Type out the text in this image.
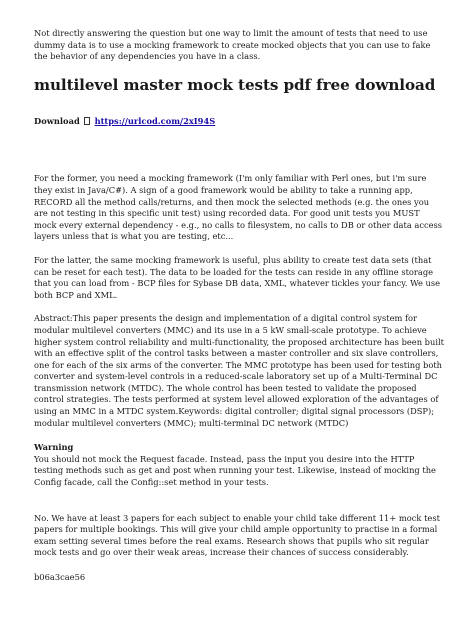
Not directly answering the question but one way to limit the amount of tests that need to use dummy data is to use a mocking framework to create mocked objects that you can use to fake the behavior of any dependencies you have in a class.

multilevel master mock tests pdf free download

Download https://urlcod.com/2xI94S

For the former, you need a mocking framework (I'm only familiar with Perl ones, but i'm sure they exist in Java/C#). A sign of a good framework would be ability to take a running app, RECORD all the method calls/returns, and then mock the selected methods (e.g. the ones you are not testing in this specific unit test) using recorded data. For good unit tests you MUST mock every external dependency - e.g., no calls to filesystem, no calls to DB or other data access layers unless that is what you are testing, etc...

For the latter, the same mocking framework is useful, plus ability to create test data sets (that can be reset for each test). The data to be loaded for the tests can reside in any offline storage that you can load from - BCP files for Sybase DB data, XML, whatever tickles your fancy. We use both BCP and XML.

Abstract:This paper presents the design and implementation of a digital control system for modular multilevel converters (MMC) and its use in a 5 kW small-scale prototype. To achieve higher system control reliability and multi-functionality, the proposed architecture has been built with an effective split of the control tasks between a master controller and six slave controllers, one for each of the six arms of the converter. The MMC prototype has been used for testing both converter and system-level controls in a reduced-scale laboratory set up of a Multi-Terminal DC transmission network (MTDC). The whole control has been tested to validate the proposed control strategies. The tests performed at system level allowed exploration of the advantages of using an MMC in a MTDC system.Keywords: digital controller; digital signal processors (DSP); modular multilevel converters (MMC); multi-terminal DC network (MTDC)

Warning

You should not mock the Request facade. Instead, pass the input you desire into the HTTP testing methods such as get and post when running your test. Likewise, instead of mocking the Config facade, call the Config::set method in your tests.

No. We have at least 3 papers for each subject to enable your child take different 11+ mock test papers for multiple bookings. This will give your child ample opportunity to practise in a formal exam setting several times before the real exams. Research shows that pupils who sit regular mock tests and go over their weak areas, increase their chances of success considerably.

b06a3cae56
